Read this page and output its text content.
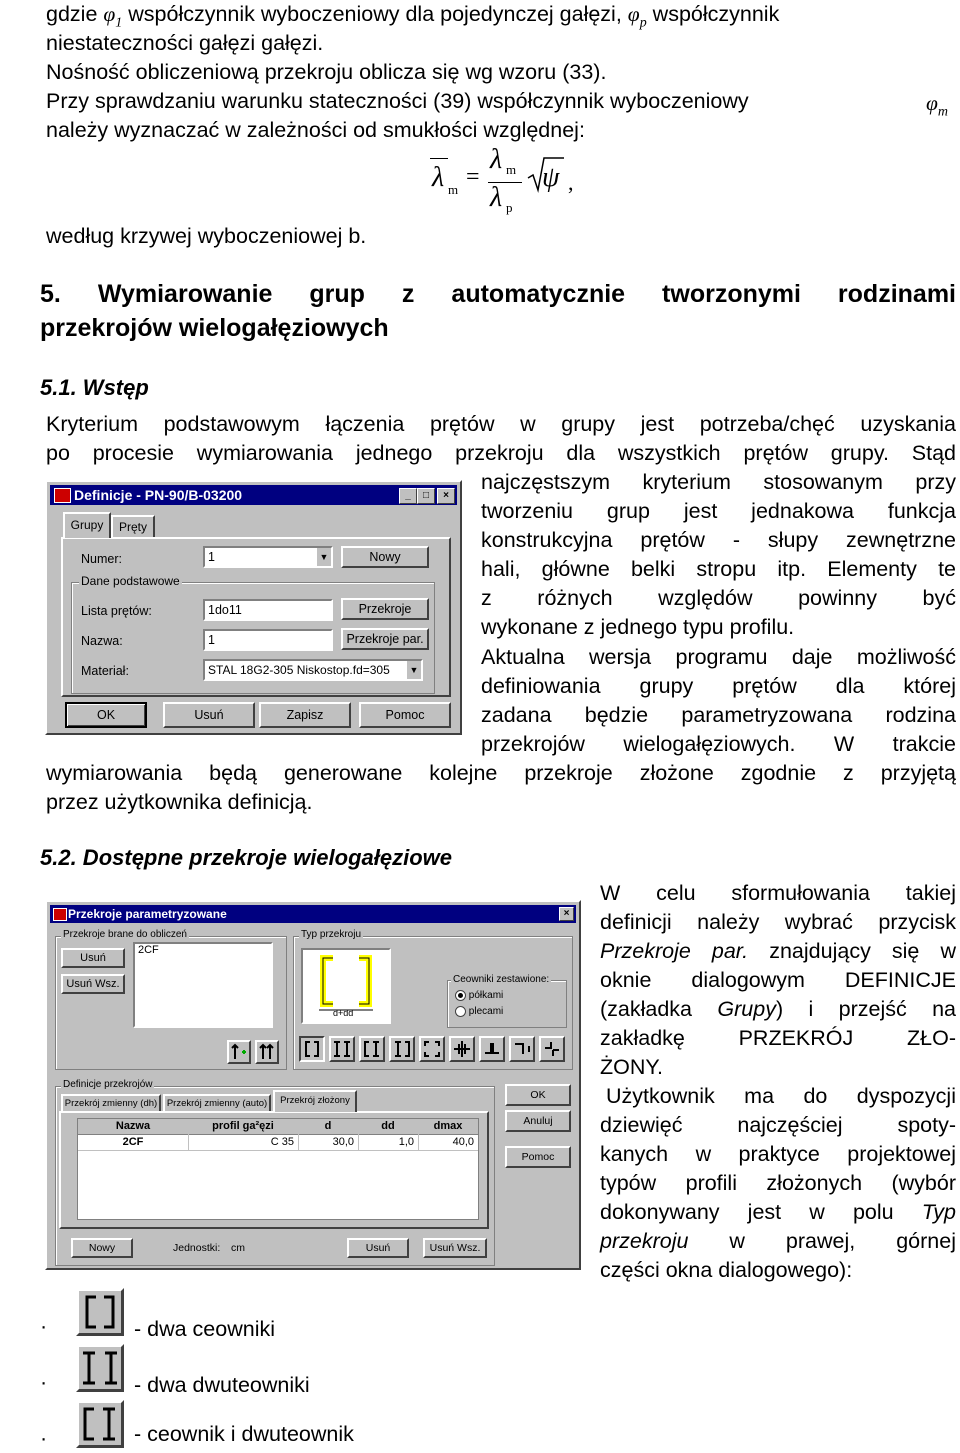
gdzie $\varphi_1$ współczynnik wyboczeniowy dla pojedynczej gałęzi, $\varphi_p$ współczynnik
niestateczności gałęzi gałęzi.
Nośność obliczeniową przekroju oblicza się wg wzoru (33).
Przy sprawdzaniu warunku stateczności (39) współczynnik wyboczeniowy	$\varphi_m$
należy wyznaczać w zależności od smukłości względnej:
λ m =
λ m
λ p
ψ ,
według krzywej wyboczeniowej b.
5. Wymiarowanie grup z automatycznie tworzonymi rodzinami
przekrojów wielogałęziowych
5.1. Wstęp
Kryterium podstawowym łączenia prętów w grupy jest potrzeba/chęć uzyskania
po procesie wymiarowania jednego przekroju dla wszystkich prętów grupy. Stąd
najczęstszym kryterium stosowanym przy
tworzeniu grup jest jednakowa funkcja
konstrukcyjna prętów - słupy zewnętrzne
hali, główne belki stropu itp. Elementy te
z różnych względów powinny być
wykonane z jednego typu profilu.
Aktualna wersja programu daje możliwość
definiowania grupy prętów dla której
zadana będzie parametryzowana rodzina
przekrojów wielogałęziowych. W trakcie
wymiarowania będą generowane kolejne przekroje złożone zgodnie z przyjętą
przez użytkownika definicją.
Definicje - PN-90/B-03200	_	□	×
Grupy	Pręty
Numer:	1	▼	Nowy
Dane podstawowe
Lista prętów:	1do11	Przekroje
Nazwa:	1	Przekroje par.
Materiał:	STAL 18G2-305 Niskostop.fd=305	▼
OK	Usuń	Zapisz	Pomoc
5.2. Dostępne przekroje wielogałęziowe
W celu sformułowania takiej
definicji należy wybrać przycisk
Przekroje par. znajdujący się w
oknie dialogowym DEFINICJE
(zakładka Grupy) i przejść na
zakładkę PRZEKRÓJ ZŁO-
ŻONY.
Użytkownik ma do dyspozycji
dziewięć najczęściej spoty-
kanych w praktyce projektowej
typów profili złożonych (wybór
dokonywany jest w polu Typ
przekroju w prawej, górnej
części okna dialogowego):
Przekroje parametryzowane	×
Przekroje brane do obliczeń
2CF
Usuń
Usuń Wsz.
Typ przekroju
d+dd
Ceowniki zestawione:
półkami
plecami
Definicje przekrojów
Przekrój zmienny (dh)	Przekrój zmienny (auto)	Przekrój złożony
Nazwa	profil ga²ęzi	d	dd	dmax
2CF	C 35	30,0	1,0	40,0
Nowy	Jednostki: cm	Usuń	Usuń Wsz.
OK
Anuluj
Pomoc
·	- dwa ceowniki
·	- dwa dwuteowniki
·	- ceownik i dwuteownik
